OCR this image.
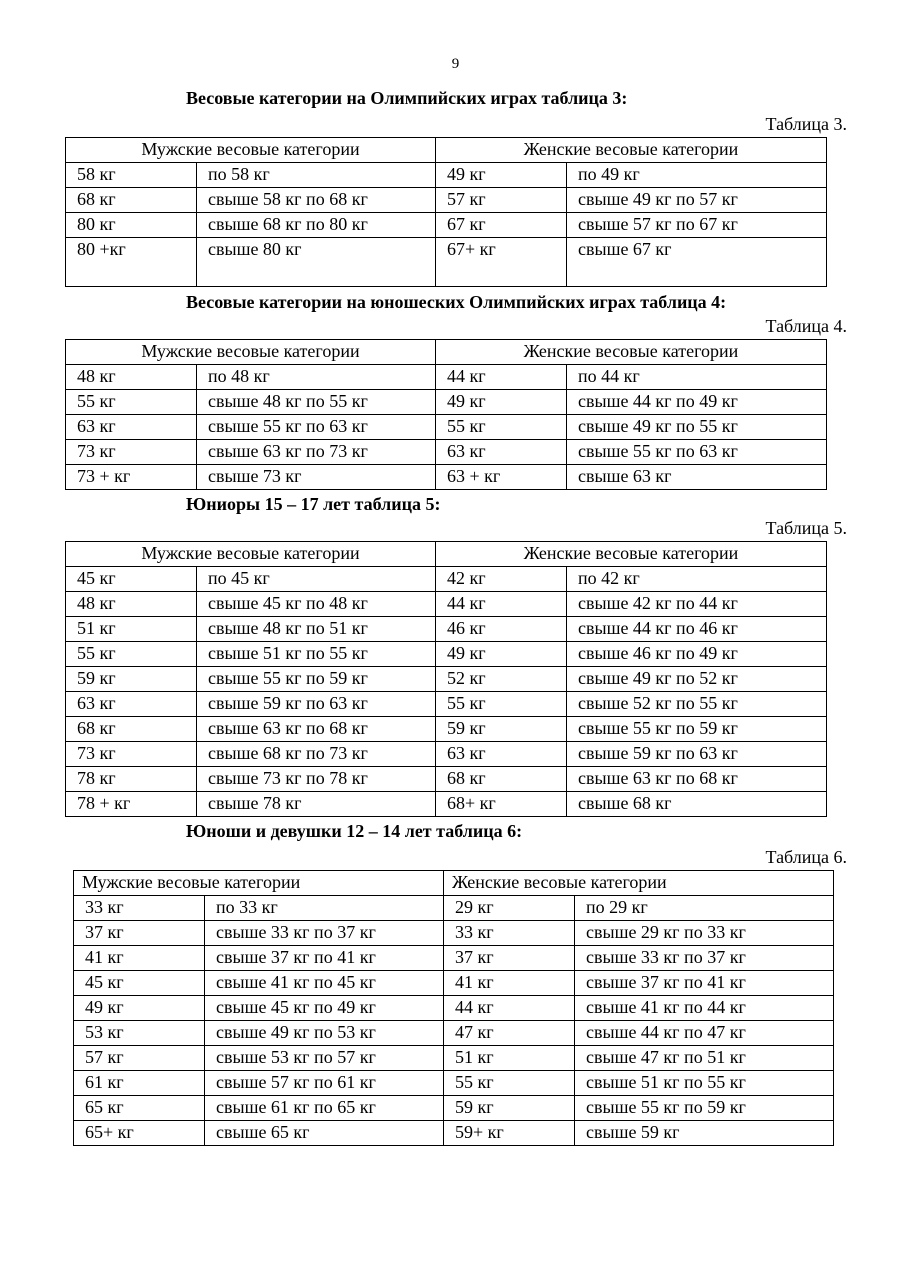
9
Весовые категории на Олимпийских играх таблица 3:
Таблица 3.
Мужские весовые категории		Женские весовые категории	
58 кг	по 58 кг	49 кг	по 49 кг
68 кг	свыше 58 кг по 68 кг	57 кг	свыше 49 кг по 57 кг
80 кг	свыше 68 кг по 80 кг	67 кг	свыше 57 кг по 67 кг
80 +кг	свыше 80 кг	67+ кг	свыше 67 кг
Весовые категории на юношеских Олимпийских играх таблица 4:
Таблица 4.
Мужские весовые категории		Женские весовые категории	
48 кг	по 48 кг	44 кг	по 44 кг
55 кг	свыше 48 кг по 55 кг	49 кг	свыше 44 кг по 49 кг
63 кг	свыше 55 кг по 63 кг	55 кг	свыше 49 кг по 55 кг
73 кг	свыше 63 кг по 73 кг	63 кг	свыше 55 кг по 63 кг
73 + кг	свыше 73 кг	63 + кг	свыше 63 кг
Юниоры 15 – 17 лет таблица 5:
Таблица 5.
Мужские весовые категории		Женские весовые категории	
45 кг	по 45 кг	42 кг	по 42 кг
48 кг	свыше 45 кг по 48 кг	44 кг	свыше 42 кг по 44 кг
51 кг	свыше 48 кг по 51 кг	46 кг	свыше 44 кг по 46 кг
55 кг	свыше 51 кг по 55 кг	49 кг	свыше 46 кг по 49 кг
59 кг	свыше 55 кг по 59 кг	52 кг	свыше 49 кг по 52 кг
63 кг	свыше 59 кг по 63 кг	55 кг	свыше 52 кг по 55 кг
68 кг	свыше 63 кг по 68 кг	59 кг	свыше 55 кг по 59 кг
73 кг	свыше 68 кг по 73 кг	63 кг	свыше 59 кг по 63 кг
78 кг	свыше 73 кг по 78 кг	68 кг	свыше 63 кг по 68 кг
78 + кг	свыше 78 кг	68+ кг	свыше 68 кг
Юноши и девушки 12 – 14 лет таблица 6:
Таблица 6.
Мужские весовые категории		Женские весовые категории	
33 кг	по 33 кг	29 кг	по 29 кг
37 кг	свыше 33 кг по 37 кг	33 кг	свыше 29 кг по 33 кг
41 кг	свыше 37 кг по 41 кг	37 кг	свыше 33 кг по 37 кг
45 кг	свыше 41 кг по 45 кг	41 кг	свыше 37 кг по 41 кг
49 кг	свыше 45 кг по 49 кг	44 кг	свыше 41 кг по 44 кг
53 кг	свыше 49 кг по 53 кг	47 кг	свыше 44 кг по 47 кг
57 кг	свыше 53 кг по 57 кг	51 кг	свыше 47 кг по 51 кг
61 кг	свыше 57 кг по 61 кг	55 кг	свыше 51 кг по 55 кг
65 кг	свыше 61 кг по 65 кг	59 кг	свыше 55 кг по 59 кг
65+ кг	свыше 65 кг	59+ кг	свыше 59 кг
